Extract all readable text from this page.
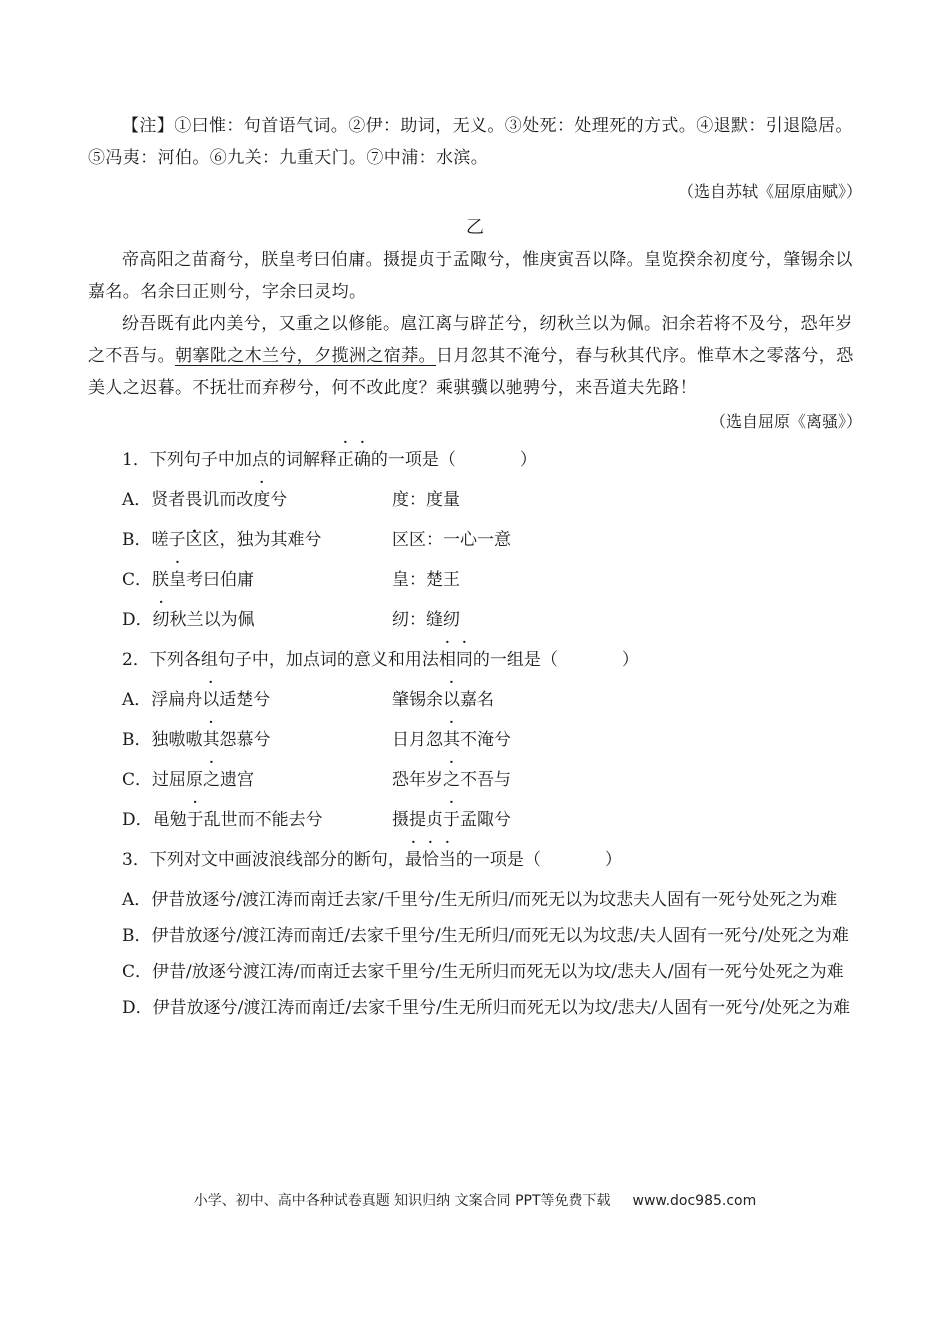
【注】①曰惟：句首语气词。②伊：助词，无义。③处死：处理死的方式。④退默：引退隐居。⑤冯夷：河伯。⑥九关：九重天门。⑦中浦：水滨。

（选自苏轼《屈原庙赋》）

乙

帝高阳之苗裔兮，朕皇考曰伯庸。摄提贞于孟陬兮，惟庚寅吾以降。皇览揆余初度兮，肇锡余以嘉名。名余曰正则兮，字余曰灵均。

纷吾既有此内美兮，又重之以修能。扈江离与辟芷兮，纫秋兰以为佩。汩余若将不及兮，恐年岁之不吾与。朝搴阰之木兰兮，夕揽洲之宿莽。日月忽其不淹兮，春与秋其代序。惟草木之零落兮，恐美人之迟暮。不抚壮而弃秽兮，何不改此度？乘骐骥以驰骋兮，来吾道夫先路！

（选自屈原《离骚》）

1．下列句子中加点的词解释正确的一项是（	）

A．贤者畏讥而改度兮	度：度量
B．嗟子区区，独为其难兮	区区：一心一意
C．朕皇考曰伯庸	皇：楚王
D．纫秋兰以为佩	纫：缝纫

2．下列各组句子中，加点词的意义和用法相同的一组是（	）

A．浮扁舟以适楚兮	肇锡余以嘉名
B．独嗷嗷其怨慕兮	日月忽其不淹兮
C．过屈原之遗宫	恐年岁之不吾与
D．黾勉于乱世而不能去兮	摄提贞于孟陬兮

3．下列对文中画波浪线部分的断句，最恰当的一项是（	）

A．伊昔放逐兮/渡江涛而南迁去家/千里兮/生无所归/而死无以为坟悲夫人固有一死兮处死之为难

B．伊昔放逐兮/渡江涛而南迁/去家千里兮/生无所归/而死无以为坟悲/夫人固有一死兮/处死之为难

C．伊昔/放逐兮渡江涛/而南迁去家千里兮/生无所归而死无以为坟/悲夫人/固有一死兮处死之为难

D．伊昔放逐兮/渡江涛而南迁/去家千里兮/生无所归而死无以为坟/悲夫/人固有一死兮/处死之为难

小学、初中、高中各种试卷真题 知识归纳 文案合同 PPT等免费下载 www.doc985.com
